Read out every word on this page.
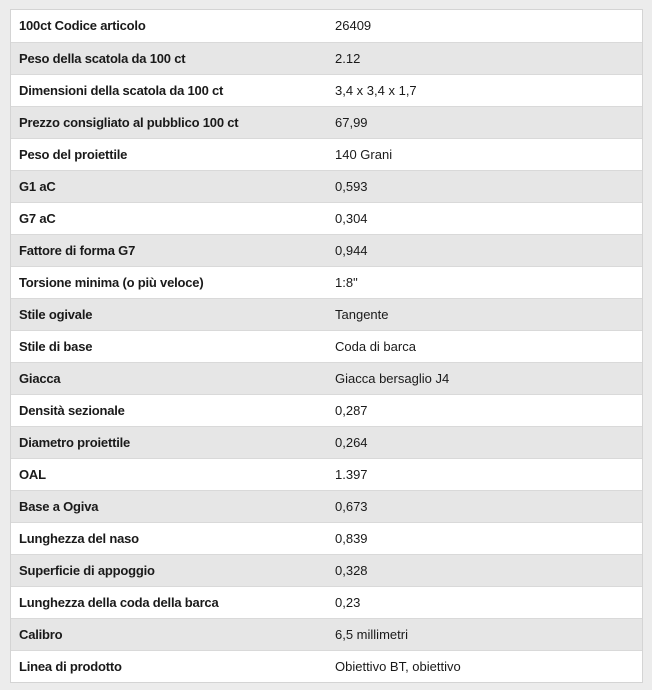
100ct Codice articolo	26409
Peso della scatola da 100 ct	2.12
Dimensioni della scatola da 100 ct	3,4 x 3,4 x 1,7
Prezzo consigliato al pubblico 100 ct	67,99
Peso del proiettile	140 Grani
G1 aC	0,593
G7 aC	0,304
Fattore di forma G7	0,944
Torsione minima (o più veloce)	1:8"
Stile ogivale	Tangente
Stile di base	Coda di barca
Giacca	Giacca bersaglio J4
Densità sezionale	0,287
Diametro proiettile	0,264
OAL	1.397
Base a Ogiva	0,673
Lunghezza del naso	0,839
Superficie di appoggio	0,328
Lunghezza della coda della barca	0,23
Calibro	6,5 millimetri
Linea di prodotto	Obiettivo BT, obiettivo
